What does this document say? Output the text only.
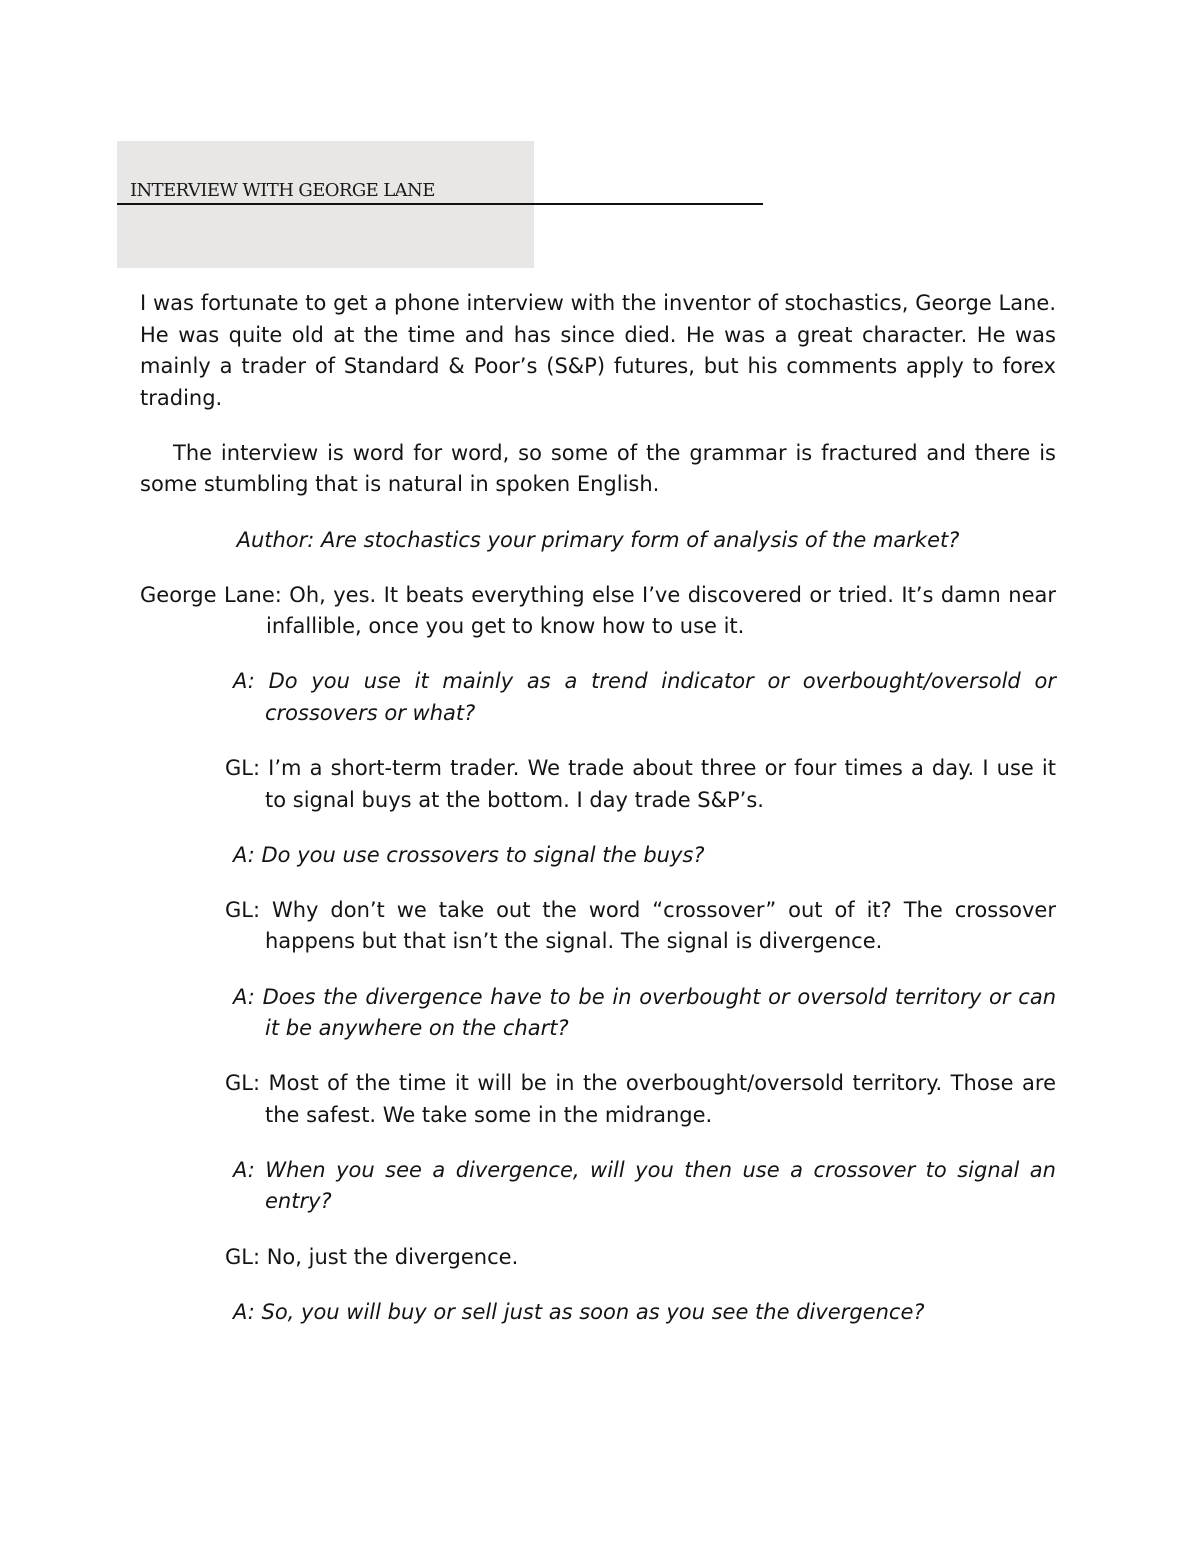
INTERVIEW WITH GEORGE LANE

I was fortunate to get a phone interview with the inventor of stochastics, George Lane. He was quite old at the time and has since died. He was a great character. He was mainly a trader of Standard & Poor’s (S&P) futures, but his comments apply to forex trading.

The interview is word for word, so some of the grammar is fractured and there is some stumbling that is natural in spoken English.

Author: Are stochastics your primary form of analysis of the market?

George Lane: Oh, yes. It beats everything else I’ve discovered or tried. It’s damn near infallible, once you get to know how to use it.

A: Do you use it mainly as a trend indicator or overbought/oversold or crossovers or what?

GL: I’m a short-term trader. We trade about three or four times a day. I use it to signal buys at the bottom. I day trade S&P’s.

A: Do you use crossovers to signal the buys?

GL: Why don’t we take out the word “crossover” out of it? The crossover happens but that isn’t the signal. The signal is divergence.

A: Does the divergence have to be in overbought or oversold territory or can it be anywhere on the chart?

GL: Most of the time it will be in the overbought/oversold territory. Those are the safest. We take some in the midrange.

A: When you see a divergence, will you then use a crossover to signal an entry?

GL: No, just the divergence.

A: So, you will buy or sell just as soon as you see the divergence?
